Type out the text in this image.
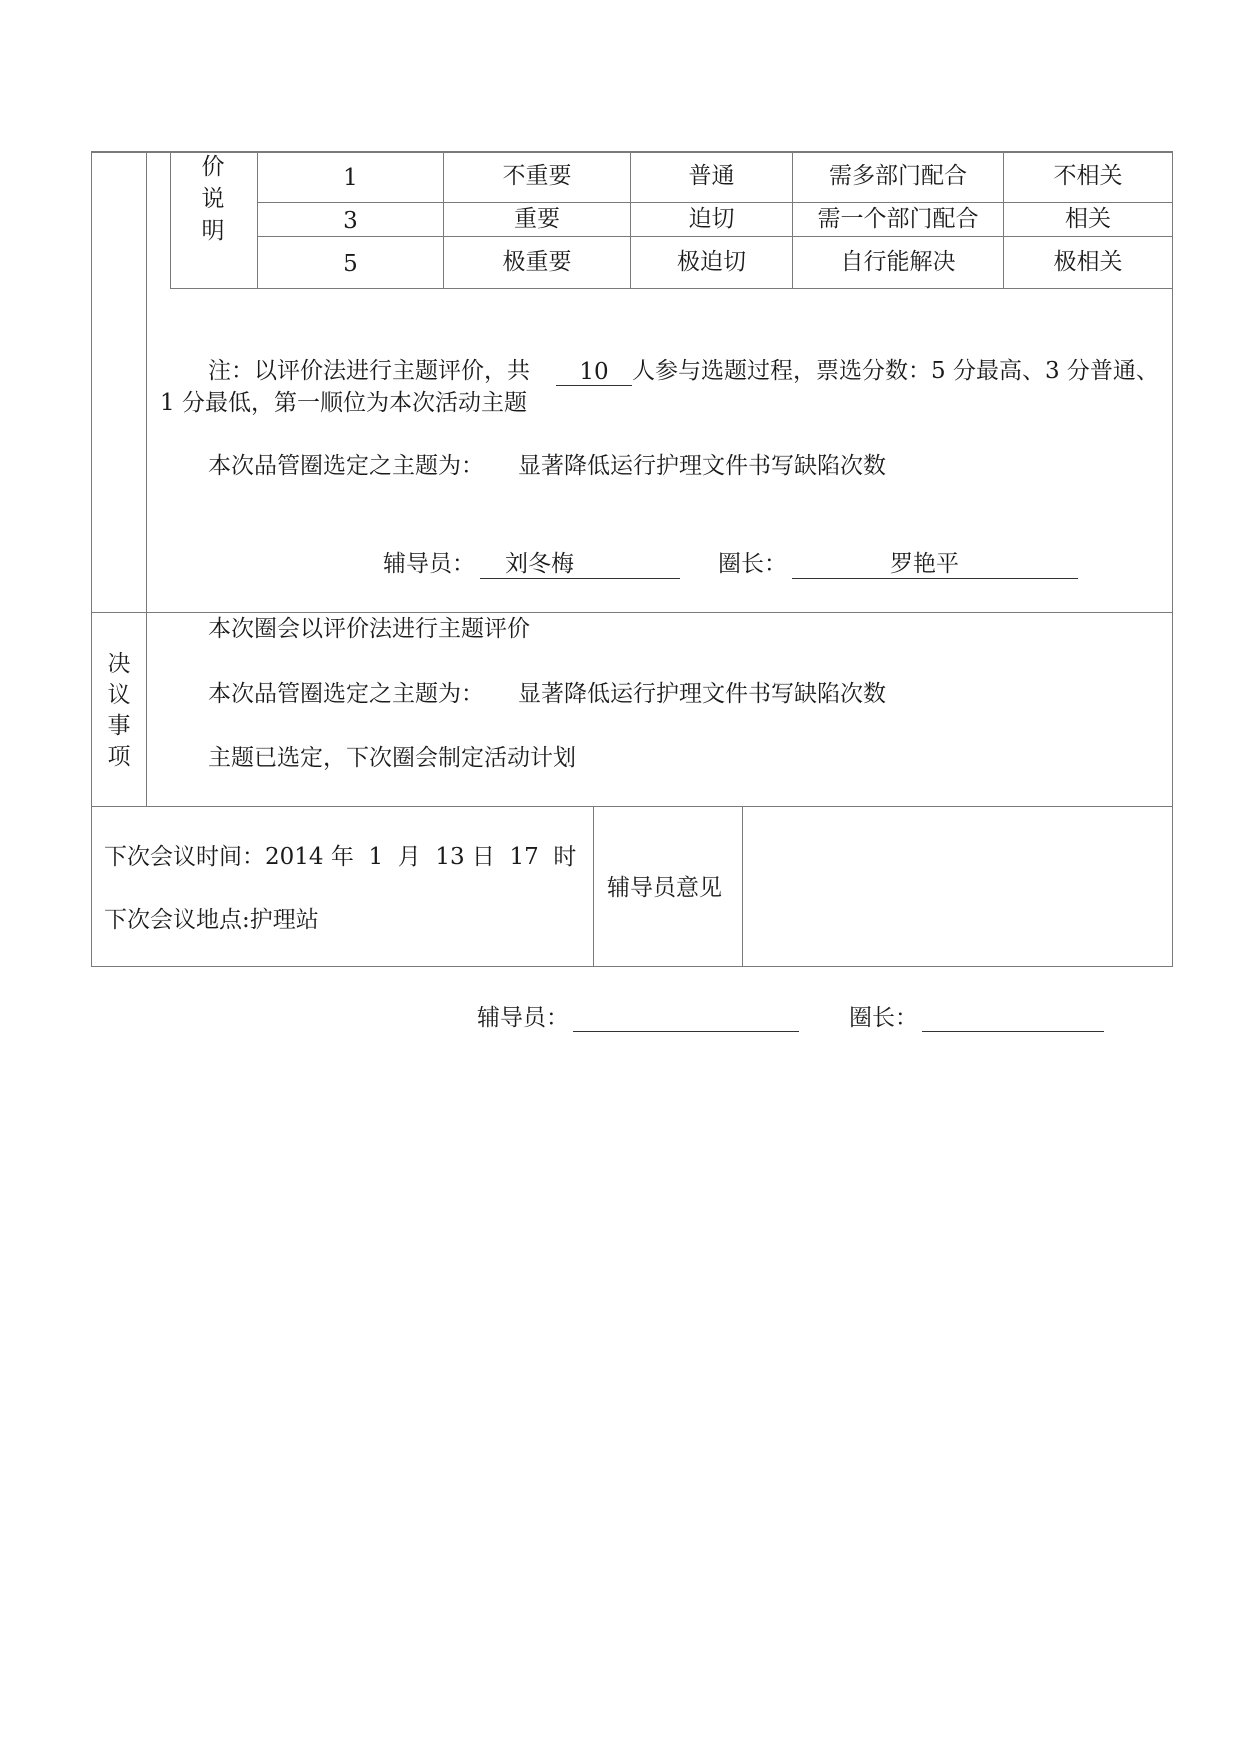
价
说
明
1	不重要	普通	需多部门配合	不相关
3	重要	迫切	需一个部门配合	相关
5	极重要	极迫切	自行能解决	极相关
注：以评价法进行主题评价，共	10	人参与选题过程，票选分数：5 分最高、3 分普通、
1 分最低，第一顺位为本次活动主题
本次品管圈选定之主题为： 显著降低运行护理文件书写缺陷次数
辅导员： 刘冬梅	圈长：	罗艳平
决
议
事
项
本次圈会以评价法进行主题评价
本次品管圈选定之主题为： 显著降低运行护理文件书写缺陷次数
主题已选定，下次圈会制定活动计划
下次会议时间：2014 年  1  月  13 日  17  时
下次会议地点:护理站
辅导员意见
辅导员：	圈长：
